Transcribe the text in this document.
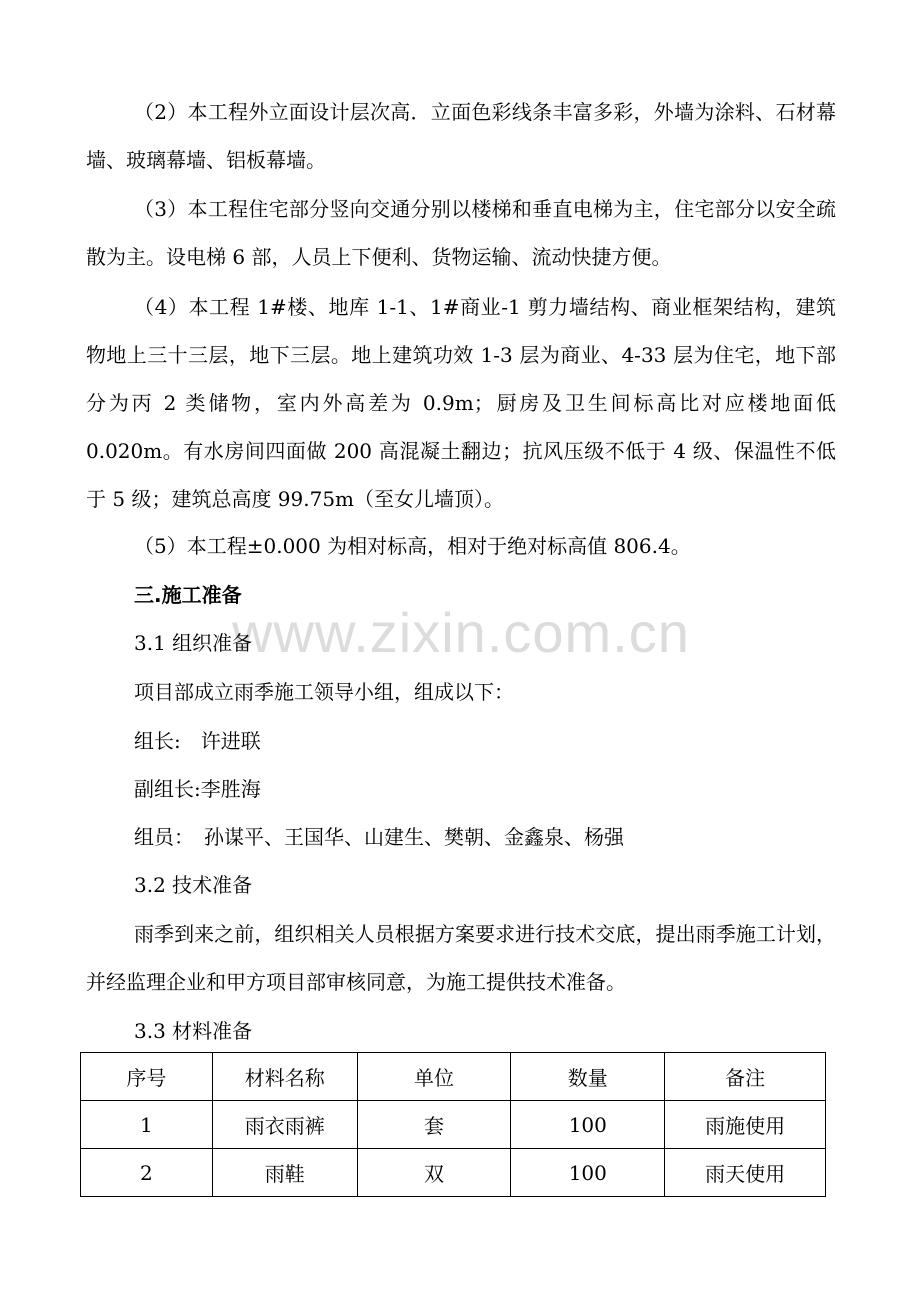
www.zixin.com.cn

（2）本工程外立面设计层次高．立面色彩线条丰富多彩，外墙为涂料、石材幕墙、玻璃幕墙、铝板幕墙。

（3）本工程住宅部分竖向交通分别以楼梯和垂直电梯为主，住宅部分以安全疏散为主。设电梯 6 部，人员上下便利、货物运输、流动快捷方便。

（4）本工程 1#楼、地库 1-1、1#商业-1 剪力墙结构、商业框架结构，建筑物地上三十三层，地下三层。地上建筑功效 1-3 层为商业、4-33 层为住宅，地下部分为丙 2 类储物，室内外高差为 0.9m；厨房及卫生间标高比对应楼地面低 0.020m。有水房间四面做 200 高混凝土翻边；抗风压级不低于 4 级、保温性不低于 5 级；建筑总高度 99.75m（至女儿墙顶）。

（5）本工程±0.000 为相对标高，相对于绝对标高值 806.4。

三.施工准备

3.1 组织准备

项目部成立雨季施工领导小组，组成以下：

组长:　许进联

副组长:李胜海

组员：　孙谋平、王国华、山建生、樊朝、金鑫泉、杨强

3.2 技术准备

雨季到来之前，组织相关人员根据方案要求进行技术交底，提出雨季施工计划，并经监理企业和甲方项目部审核同意，为施工提供技术准备。

3.3 材料准备

序号	材料名称	单位	数量	备注
1	雨衣雨裤	套	100	雨施使用
2	雨鞋	双	100	雨天使用
